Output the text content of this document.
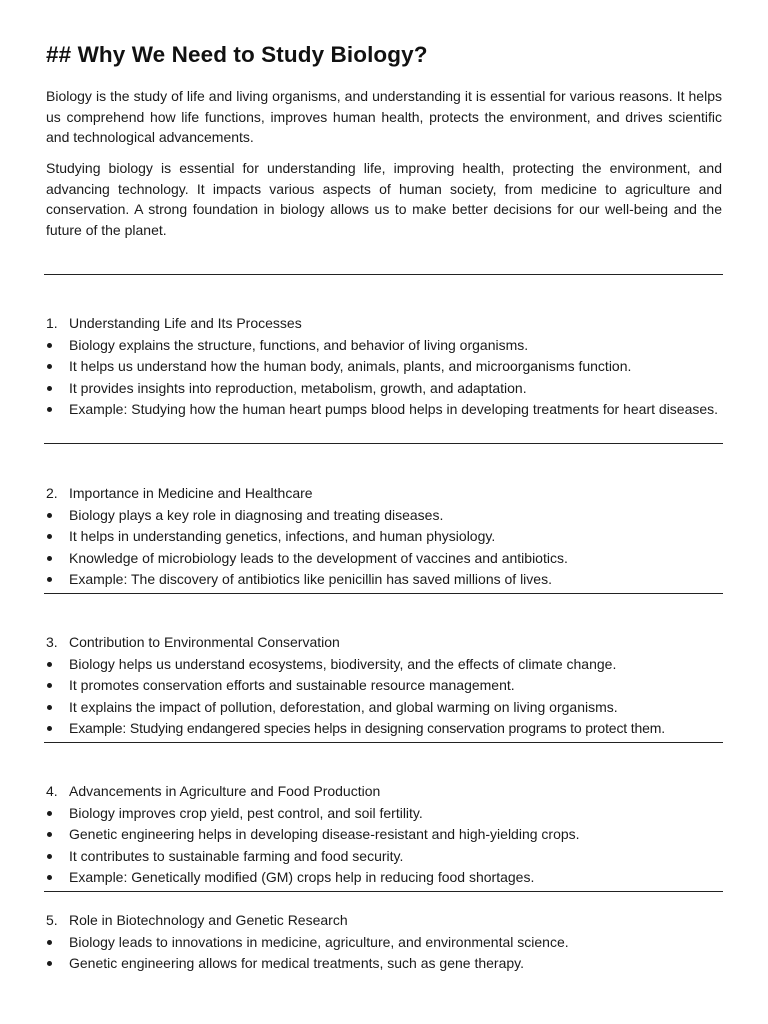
## Why We Need to Study Biology?

Biology is the study of life and living organisms, and understanding it is essential for various reasons. It helps us comprehend how life functions, improves human health, protects the environment, and drives scientific and technological advancements.

Studying biology is essential for understanding life, improving health, protecting the environment, and advancing technology. It impacts various aspects of human society, from medicine to agriculture and conservation. A strong foundation in biology allows us to make better decisions for our well-being and the future of the planet.

1. Understanding Life and Its Processes
Biology explains the structure, functions, and behavior of living organisms.
It helps us understand how the human body, animals, plants, and microorganisms function.
It provides insights into reproduction, metabolism, growth, and adaptation.
Example: Studying how the human heart pumps blood helps in developing treatments for heart diseases.
2. Importance in Medicine and Healthcare
Biology plays a key role in diagnosing and treating diseases.
It helps in understanding genetics, infections, and human physiology.
Knowledge of microbiology leads to the development of vaccines and antibiotics.
Example: The discovery of antibiotics like penicillin has saved millions of lives.
3. Contribution to Environmental Conservation
Biology helps us understand ecosystems, biodiversity, and the effects of climate change.
It promotes conservation efforts and sustainable resource management.
It explains the impact of pollution, deforestation, and global warming on living organisms.
Example: Studying endangered species helps in designing conservation programs to protect them.
4. Advancements in Agriculture and Food Production
Biology improves crop yield, pest control, and soil fertility.
Genetic engineering helps in developing disease-resistant and high-yielding crops.
It contributes to sustainable farming and food security.
Example: Genetically modified (GM) crops help in reducing food shortages.
5. Role in Biotechnology and Genetic Research
Biology leads to innovations in medicine, agriculture, and environmental science.
Genetic engineering allows for medical treatments, such as gene therapy.
